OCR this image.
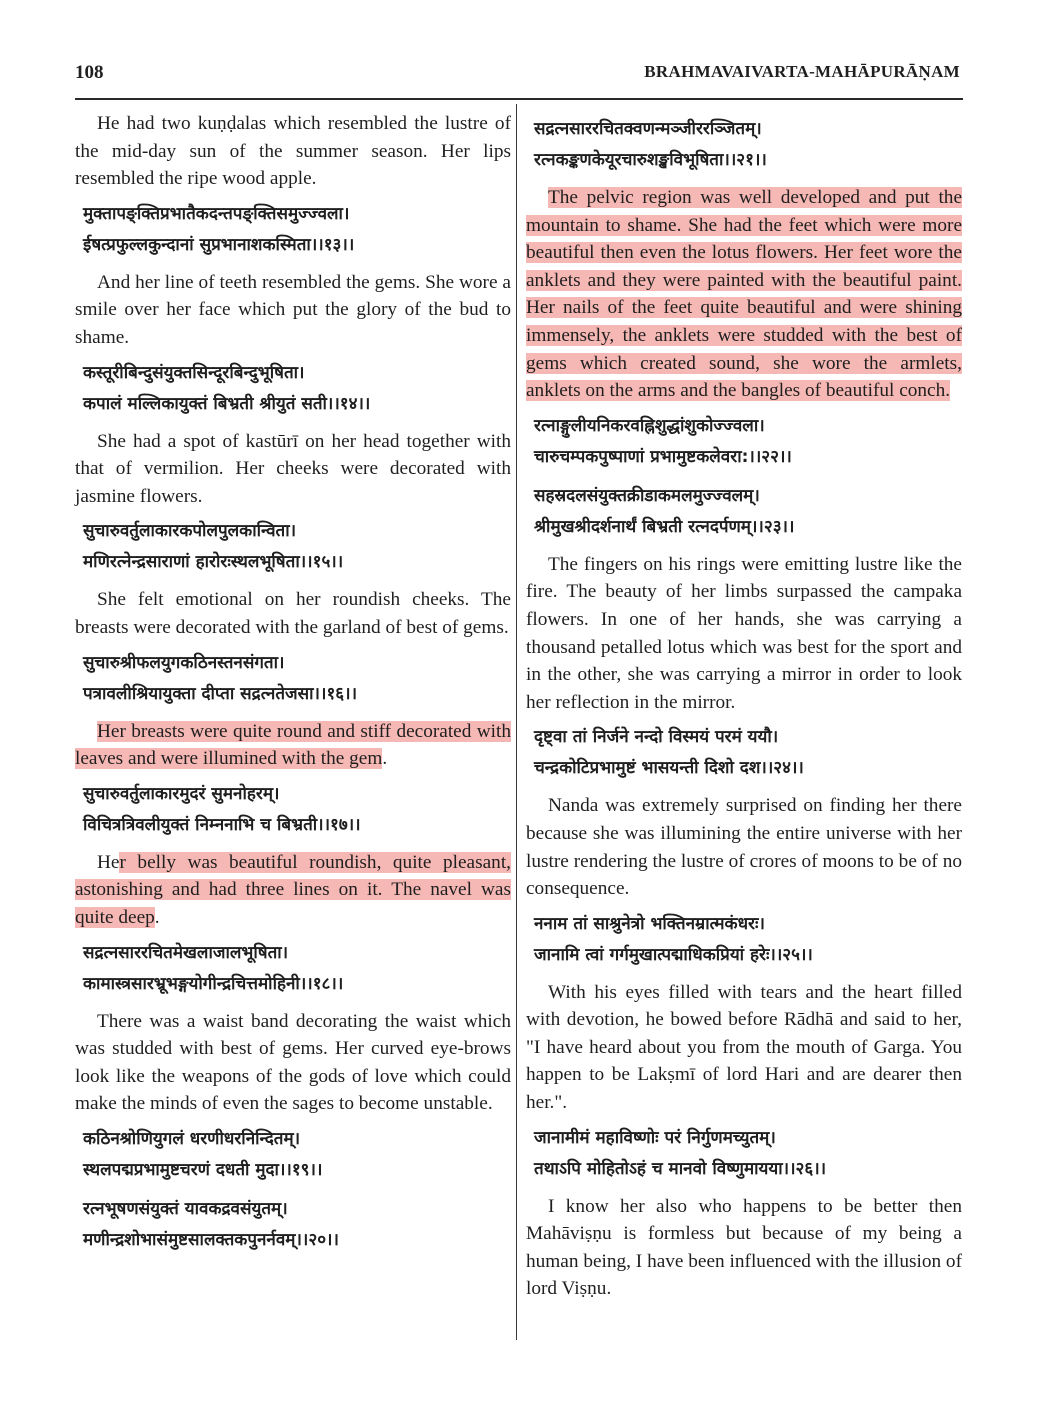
108	BRAHMAVAIVARTA-MAHĀPURĀṆAM

He had two kuṇḍalas which resembled the lustre of the mid-day sun of the summer season. Her lips resembled the ripe wood apple.

मुक्तापङ्क्तिप्रभातैकदन्तपङ्क्तिसमुज्ज्वला।
ईषत्प्रफुल्लकुन्दानां सुप्रभानाशकस्मिता।।१३।।

And her line of teeth resembled the gems. She wore a smile over her face which put the glory of the bud to shame.

कस्तूरीबिन्दुसंयुक्तसिन्दूरबिन्दुभूषिता।
कपालं मल्लिकायुक्तं बिभ्रती श्रीयुतं सती।।१४।।

She had a spot of kastūrī on her head together with that of vermilion. Her cheeks were decorated with jasmine flowers.

सुचारुवर्तुलाकारकपोलपुलकान्विता।
मणिरत्नेन्द्रसाराणां हारोरःस्थलभूषिता।।१५।।

She felt emotional on her roundish cheeks. The breasts were decorated with the garland of best of gems.

सुचारुश्रीफलयुगकठिनस्तनसंगता।
पत्रावलीश्रियायुक्ता दीप्ता सद्रत्नतेजसा।।१६।।

Her breasts were quite round and stiff decorated with leaves and were illumined with the gem.

सुचारुवर्तुलाकारमुदरं सुमनोहरम्।
विचित्रत्रिवलीयुक्तं निम्ननाभि च बिभ्रती।।१७।।

Her belly was beautiful roundish, quite pleasant, astonishing and had three lines on it. The navel was quite deep.

सद्रत्नसाररचितमेखलाजालभूषिता।
कामास्त्रसारभ्रूभङ्गयोगीन्द्रचित्तमोहिनी।।१८।।

There was a waist band decorating the waist which was studded with best of gems. Her curved eye-brows look like the weapons of the gods of love which could make the minds of even the sages to become unstable.

कठिनश्रोणियुगलं धरणीधरनिन्दितम्।
स्थलपद्मप्रभामुष्टचरणं दधती मुदा।।१९।।
रत्नभूषणसंयुक्तं यावकद्रवसंयुतम्।
मणीन्द्रशोभासंमुष्टसालक्तकपुनर्नवम्।।२०।।
सद्रत्नसाररचितक्वणन्मञ्जीररञ्जितम्।
रत्नकङ्कणकेयूरचारुशङ्खविभूषिता।।२१।।

The pelvic region was well developed and put the mountain to shame. She had the feet which were more beautiful then even the lotus flowers. Her feet wore the anklets and they were painted with the beautiful paint. Her nails of the feet quite beautiful and were shining immensely, the anklets were studded with the best of gems which created sound, she wore the armlets, anklets on the arms and the bangles of beautiful conch.

रत्नाङ्गुलीयनिकरवह्निशुद्धांशुकोज्ज्वला।
चारुचम्पकपुष्पाणां प्रभामुष्टकलेवरा:।।२२।।
सहस्रदलसंयुक्तक्रीडाकमलमुज्ज्वलम्।
श्रीमुखश्रीदर्शनार्थं बिभ्रती रत्नदर्पणम्।।२३।।

The fingers on his rings were emitting lustre like the fire. The beauty of her limbs surpassed the campaka flowers. In one of her hands, she was carrying a thousand petalled lotus which was best for the sport and in the other, she was carrying a mirror in order to look her reflection in the mirror.

दृष्ट्वा तां निर्जने नन्दो विस्मयं परमं ययौ।
चन्द्रकोटिप्रभामुष्टं भासयन्ती दिशो दश।।२४।।

Nanda was extremely surprised on finding her there because she was illumining the entire universe with her lustre rendering the lustre of crores of moons to be of no consequence.

ननाम तां साश्रुनेत्रो भक्तिनम्रात्मकंधरः।
जानामि त्वां गर्गमुखात्पद्माधिकप्रियां हरेः।।२५।।

With his eyes filled with tears and the heart filled with devotion, he bowed before Rādhā and said to her, "I have heard about you from the mouth of Garga. You happen to be Lakṣmī of lord Hari and are dearer then her.".

जानामीमं महाविष्णोः परं निर्गुणमच्युतम्।
तथाऽपि मोहितोऽहं च मानवो विष्णुमायया।।२६।।

I know her also who happens to be better then Mahāviṣṇu is formless but because of my being a human being, I have been influenced with the illusion of lord Viṣṇu.
